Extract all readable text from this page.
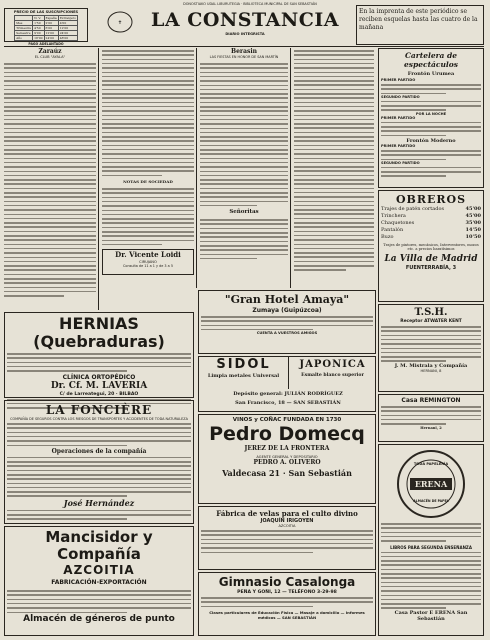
DONOSTIAKO UDAL LIBURUTEGIA · BIBLIOTECA MUNICIPAL DE SAN SEBASTIÁN
PRECIO DE LAS SUSCRIPCIONES
	N. V.	España	Extranjero
Mes	1'50	2'00	4'00
Trimestre	4'50	6'00	12'00
Semestre	9'00	12'00	24'00
Año	18'00	24'00	48'00
PAGO ADELANTADO
LA CONSTANCIA
DIARIO INTEGRISTA
✝
En la imprenta de este periódico se reciben esquelas hasta las cuatro de la mañana
Zaraúz
EL CLUB "AYALA"
NOTAS DE SOCIEDAD
Dr. Vicente Loidi
CIRUJANO
Consulta de 11 a 1 y de 3 a 5
Berasin
LAS FIESTAS EN HONOR DE SAN MARTÍN
Señoritas
Cartelera de espectáculos
Frontón Urumea
PRIMER PARTIDO
SEGUNDO PARTIDO
POR LA NOCHE
PRIMER PARTIDO
Frontón Moderno
PRIMER PARTIDO
SEGUNDO PARTIDO
OBREROS
Trajes de patén cortados	45'00
Trinchera	45'00
Chaquetones	35'00
Pantalón	14'50
Buzo	10'50
Trajes de pintores, mecánicos, Interventores, mozos etc. a precios baratísimos
La Villa de Madrid
FUENTERRABÍA, 3
T.S.H.
Receptor ATWATER KENT
J. M. Mistrala y Compañía
HERNANI, 8
Casa REMINGTON
Hernani, 2
ERENA
TODA PAPELERÍA
ALMACÉN DE PAPEL
LIBROS PARA SEGUNDA ENSEÑANZA
Casa Pastor E ERENA San Sebastián
HERNIAS (Quebraduras)
CLÍNICA ORTOPÉDICO
Dr. Cf. M. LAVERIA
C/ de Larreategui, 20 · BILBAO
LA FONCIÈRE
COMPAÑÍA DE SEGUROS CONTRA LOS RIESGOS DE TRANSPORTES Y ACCIDENTES DE TODA NATURALEZA
Operaciones de la compañía
José Hernández
Mancisidor y Compañía
AZCOITIA
FABRICACIÓN-EXPORTACIÓN
Almacén de géneros de punto
"Gran Hotel Amaya"
Zumaya (Guipúzcoa)
CUENTA A VUESTROS AMIGOS
SIDOL
Limpia metales Universal
JAPONICA
Esmalte blanco superior
Depósito general: JULIÁN RODRÍGUEZ
San Francisco, 18 — SAN SEBASTIÁN
VINOS y COÑAC FUNDADA EN 1730
Pedro Domecq
JEREZ DE LA FRONTERA
AGENTE GENERAL Y DEPOSITARIO
PEDRO A. OLIVERO
Valdecasa 21 · San Sebastián
Fábrica de velas para el culto divino
JOAQUÍN IRIGOYEN
AZCOITIA
Gimnasio Casalonga
PEÑA Y GOÑI, 12 — TELÉFONO 3-29-98
Clases particulares de Educación Física — Masaje a domicilio — Informes médicos — SAN SEBASTIÁN
